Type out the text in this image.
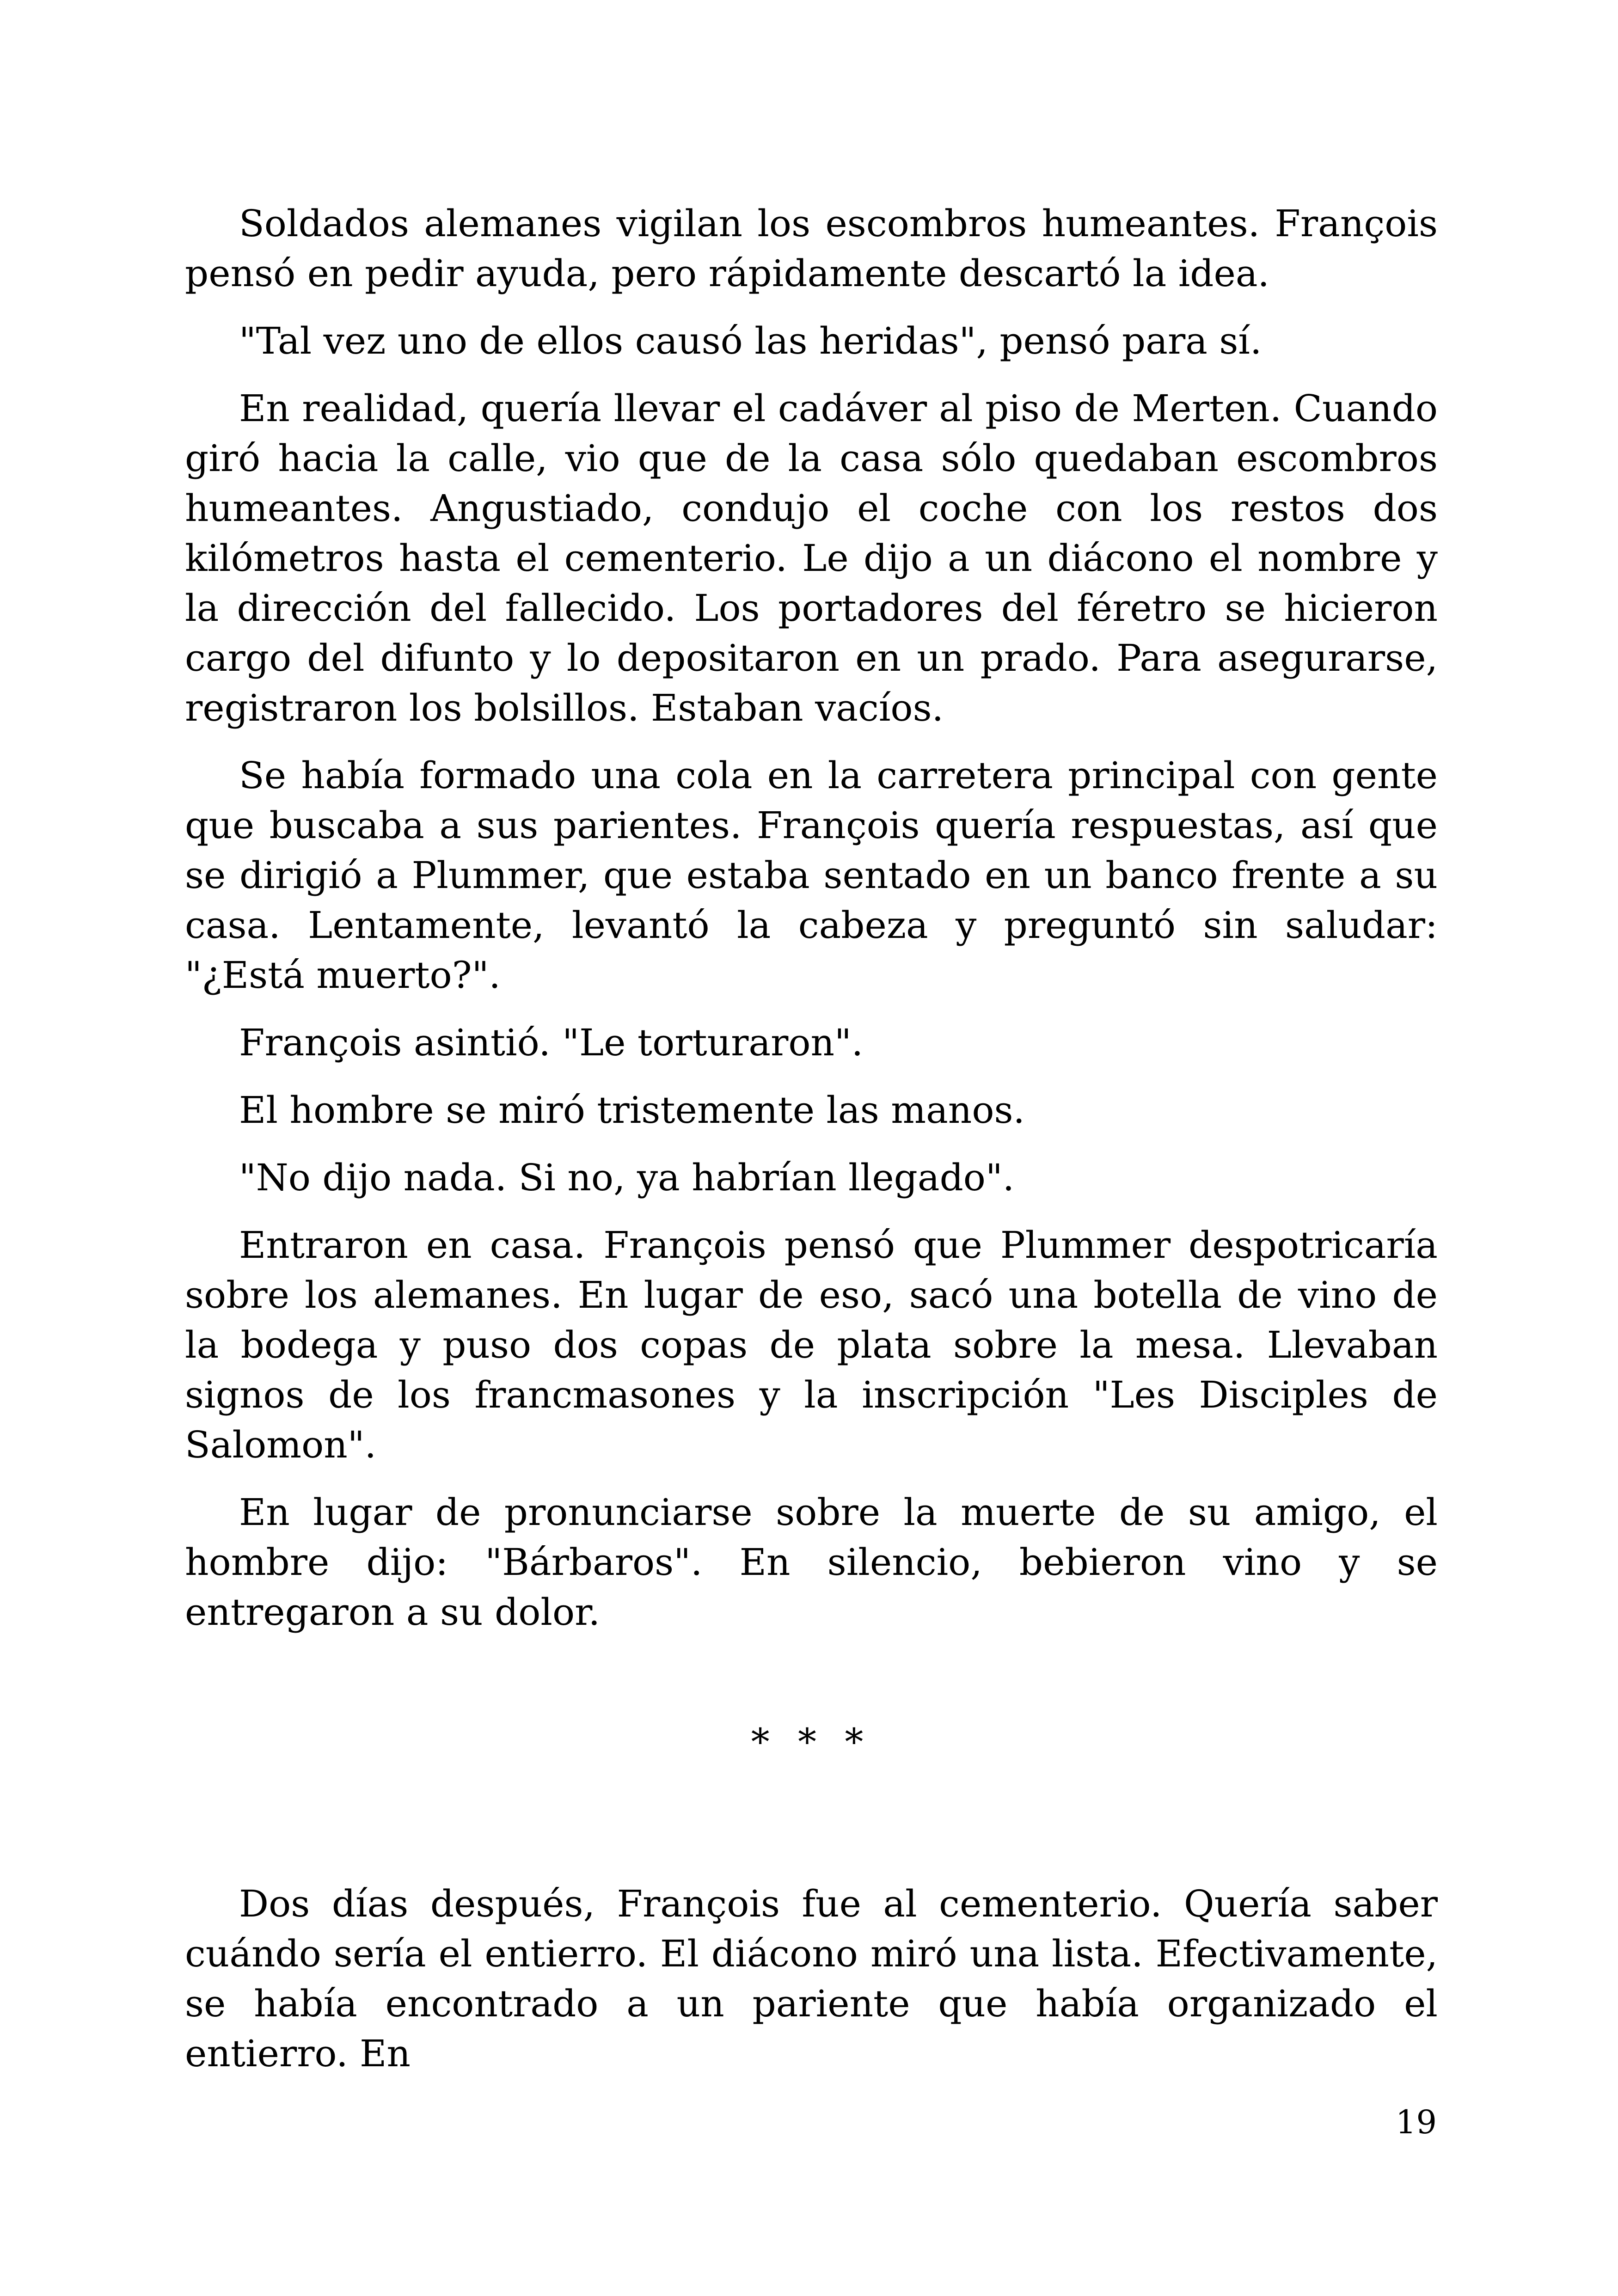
Soldados alemanes vigilan los escombros humeantes. François pensó en pedir ayuda, pero rápidamente descartó la idea.

"Tal vez uno de ellos causó las heridas", pensó para sí.

En realidad, quería llevar el cadáver al piso de Merten. Cuando giró hacia la calle, vio que de la casa sólo quedaban escombros humeantes. Angustiado, condujo el coche con los restos dos kilómetros hasta el cementerio. Le dijo a un diácono el nombre y la dirección del fallecido. Los portadores del féretro se hicieron cargo del difunto y lo depositaron en un prado. Para asegurarse, registraron los bolsillos. Estaban vacíos.

Se había formado una cola en la carretera principal con gente que buscaba a sus parientes. François quería respuestas, así que se dirigió a Plummer, que estaba sentado en un banco frente a su casa. Lentamente, levantó la cabeza y preguntó sin saludar: "¿Está muerto?".

François asintió. "Le torturaron".

El hombre se miró tristemente las manos.

"No dijo nada. Si no, ya habrían llegado".

Entraron en casa. François pensó que Plummer despotricaría sobre los alemanes. En lugar de eso, sacó una botella de vino de la bodega y puso dos copas de plata sobre la mesa. Llevaban signos de los francmasones y la inscripción "Les Disciples de Salomon".

En lugar de pronunciarse sobre la muerte de su amigo, el hombre dijo: "Bárbaros". En silencio, bebieron vino y se entregaron a su dolor.

* * *

Dos días después, François fue al cementerio. Quería saber cuándo sería el entierro. El diácono miró una lista. Efectivamente, se había encontrado a un pariente que había organizado el entierro. En

19
